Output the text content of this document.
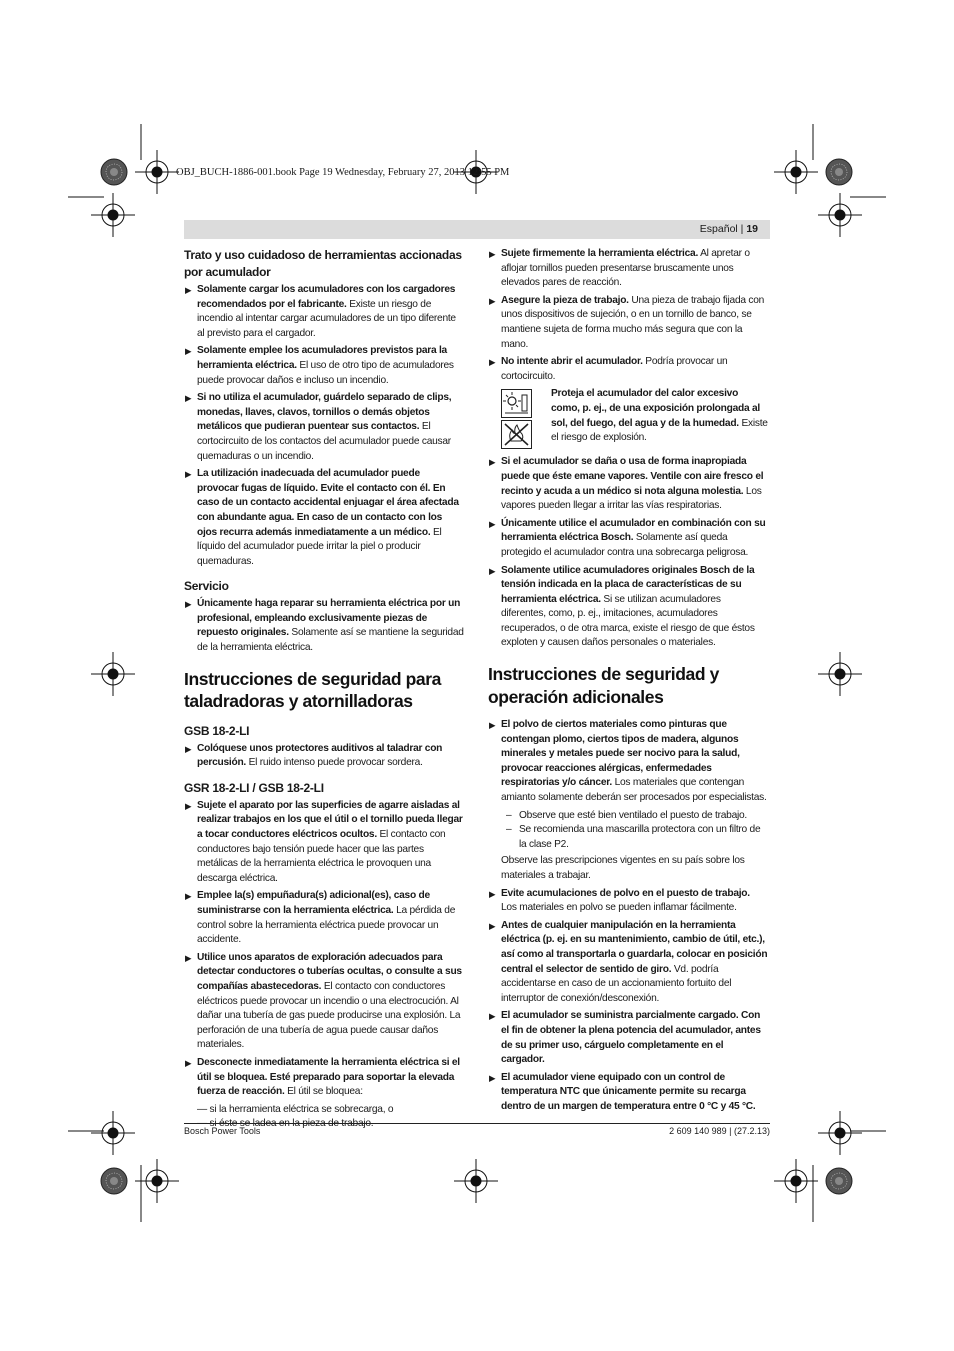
OBJ_BUCH-1886-001.book Page 19 Wednesday, February 27, 2013 12:55 PM
Español | 19
Trato y uso cuidadoso de herramientas accionadas por acumulador
▶ Solamente cargar los acumuladores con los cargadores recomendados por el fabricante. Existe un riesgo de incendio al intentar cargar acumuladores de un tipo diferente al previsto para el cargador.
▶ Solamente emplee los acumuladores previstos para la herramienta eléctrica. El uso de otro tipo de acumuladores puede provocar daños e incluso un incendio.
▶ Si no utiliza el acumulador, guárdelo separado de clips, monedas, llaves, clavos, tornillos o demás objetos metálicos que pudieran puentear sus contactos. El cortocircuito de los contactos del acumulador puede causar quemaduras o un incendio.
▶ La utilización inadecuada del acumulador puede provocar fugas de líquido. Evite el contacto con él. En caso de un contacto accidental enjuagar el área afectada con abundante agua. En caso de un contacto con los ojos recurra además inmediatamente a un médico. El líquido del acumulador puede irritar la piel o producir quemaduras.
Servicio
▶ Únicamente haga reparar su herramienta eléctrica por un profesional, empleando exclusivamente piezas de repuesto originales. Solamente así se mantiene la seguridad de la herramienta eléctrica.
Instrucciones de seguridad para taladradoras y atornilladoras
GSB 18-2-LI
▶ Colóquese unos protectores auditivos al taladrar con percusión. El ruido intenso puede provocar sordera.
GSR 18-2-LI / GSB 18-2-LI
▶ Sujete el aparato por las superficies de agarre aisladas al realizar trabajos en los que el útil o el tornillo pueda llegar a tocar conductores eléctricos ocultos. El contacto con conductores bajo tensión puede hacer que las partes metálicas de la herramienta eléctrica le provoquen una descarga eléctrica.
▶ Emplee la(s) empuñadura(s) adicional(es), caso de suministrarse con la herramienta eléctrica. La pérdida de control sobre la herramienta eléctrica puede provocar un accidente.
▶ Utilice unos aparatos de exploración adecuados para detectar conductores o tuberías ocultas, o consulte a sus compañías abastecedoras. El contacto con conductores eléctricos puede provocar un incendio o una electrocución. Al dañar una tubería de gas puede producirse una explosión. La perforación de una tubería de agua puede causar daños materiales.
▶ Desconecte inmediatamente la herramienta eléctrica si el útil se bloquea. Esté preparado para soportar la elevada fuerza de reacción. El útil se bloquea:
— si la herramienta eléctrica se sobrecarga, o
— si éste se ladea en la pieza de trabajo.
▶ Sujete firmemente la herramienta eléctrica. Al apretar o aflojar tornillos pueden presentarse bruscamente unos elevados pares de reacción.
▶ Asegure la pieza de trabajo. Una pieza de trabajo fijada con unos dispositivos de sujeción, o en un tornillo de banco, se mantiene sujeta de forma mucho más segura que con la mano.
▶ No intente abrir el acumulador. Podría provocar un cortocircuito.
Proteja el acumulador del calor excesivo como, p. ej., de una exposición prolongada al sol, del fuego, del agua y de la humedad. Existe el riesgo de explosión.
▶ Si el acumulador se daña o usa de forma inapropiada puede que éste emane vapores. Ventile con aire fresco el recinto y acuda a un médico si nota alguna molestia. Los vapores pueden llegar a irritar las vías respiratorias.
▶ Únicamente utilice el acumulador en combinación con su herramienta eléctrica Bosch. Solamente así queda protegido el acumulador contra una sobrecarga peligrosa.
▶ Solamente utilice acumuladores originales Bosch de la tensión indicada en la placa de características de su herramienta eléctrica. Si se utilizan acumuladores diferentes, como, p. ej., imitaciones, acumuladores recuperados, o de otra marca, existe el riesgo de que éstos exploten y causen daños personales o materiales.
Instrucciones de seguridad y operación adicionales
▶ El polvo de ciertos materiales como pinturas que contengan plomo, ciertos tipos de madera, algunos minerales y metales puede ser nocivo para la salud, provocar reacciones alérgicas, enfermedades respiratorias y/o cáncer. Los materiales que contengan amianto solamente deberán ser procesados por especialistas.
– Observe que esté bien ventilado el puesto de trabajo.
– Se recomienda una mascarilla protectora con un filtro de la clase P2.
Observe las prescripciones vigentes en su país sobre los materiales a trabajar.
▶ Evite acumulaciones de polvo en el puesto de trabajo. Los materiales en polvo se pueden inflamar fácilmente.
▶ Antes de cualquier manipulación en la herramienta eléctrica (p. ej. en su mantenimiento, cambio de útil, etc.), así como al transportarla o guardarla, colocar en posición central el selector de sentido de giro. Vd. podría accidentarse en caso de un accionamiento fortuito del interruptor de conexión/desconexión.
▶ El acumulador se suministra parcialmente cargado. Con el fin de obtener la plena potencia del acumulador, antes de su primer uso, cárguelo completamente en el cargador.
▶ El acumulador viene equipado con un control de temperatura NTC que únicamente permite su recarga dentro de un margen de temperatura entre 0 °C y 45 °C.
Bosch Power Tools	2 609 140 989 | (27.2.13)
